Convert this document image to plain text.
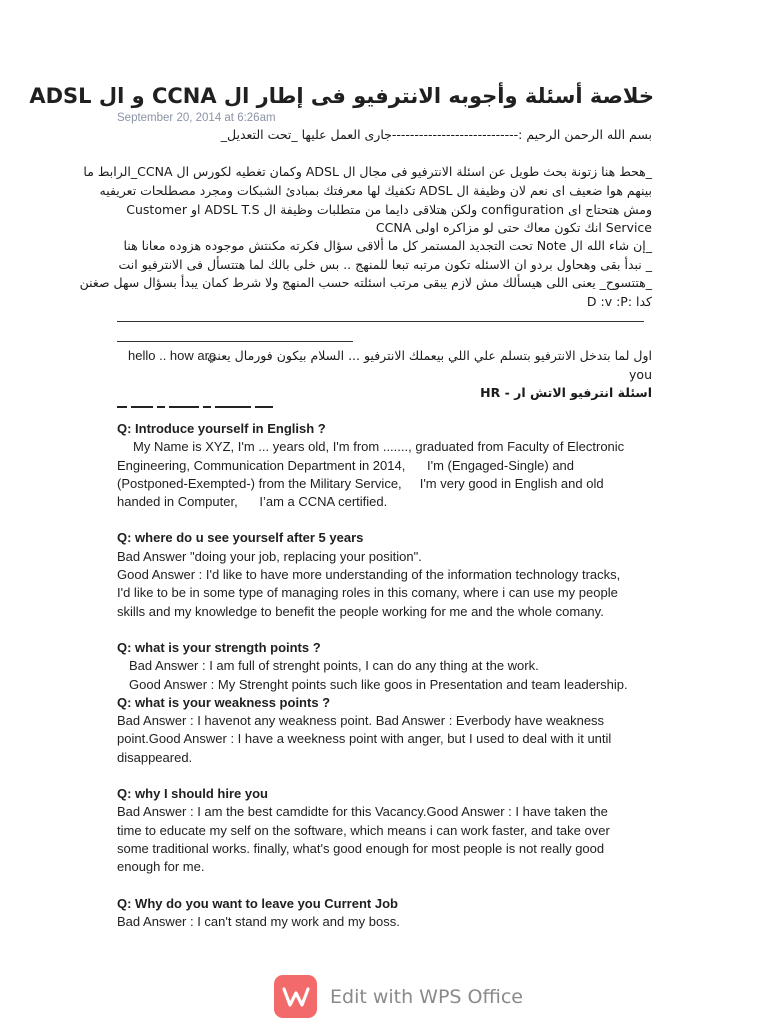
خلاصة أسئلة وأجوبه الانترفيو فى إطار ال CCNA و ال ADSL
September 20, 2014 at 6:26am
بسم الله الرحمن الرحيم :----------------------------جارى العمل عليها _تحت التعديل_
_هحط هنا زتونة بحث طويل عن اسئلة الانترفيو فى مجال ال ADSL وكمان تغطيه لكورس ال CCNA_الرابط ما
بينهم هوا ضعيف اى نعم لان وظيفة ال ADSL تكفيك لها معرفتك بمبادئ الشبكات ومجرد مصطلحات تعريفيه
ومش هتحتاج اى configuration ولكن هتلاقى دايما من متطلبات وظيفة ال ADSL T.S او Customer
Service انك تكون معاك حتى لو مزاكره اولى CCNA
_إن شاء الله ال Note تحت التجديد المستمر كل ما ألاقى سؤال فكرته مكنتش موجوده هزوده معانا هنا
_ نبدأ بقى وهحاول بردو ان الاسئله تكون مرتبه تبعا للمنهج .. بس خلى بالك لما هتتسأل فى الانترفيو انت
_هتتسوح_ يعنى اللى هيسألك مش لازم يبقى مرتب اسئلته حسب المنهج ولا شرط كمان يبدأ بسؤال سهل صغنن
كدا :D :v :P
اول لما بتدخل الانترفيو بتسلم علي اللي بيعملك الانترفيو ... السلام بيكون فورمال يعني
hello .. how are
you
اسئلة انترفيو الاتش ار - HR

Q: Introduce yourself in English ?

My Name is XYZ, I'm ... years old, I'm from ......., graduated from Faculty of Electronic

Engineering, Communication Department in 2014,      I'm (Engaged-Single) and

(Postponed-Exempted-) from the Military Service,     I'm very good in English and old

handed in Computer,      I’am a CCNA certified.

Q: where do u see yourself after 5 years

Bad Answer "doing your job, replacing your position".

Good Answer : I'd like to have more understanding of the information technology tracks,

I'd like to be in some type of managing roles in this comany, where i can use my people

skills and my knowledge to benefit the people working for me and the whole comany.

Q: what is your strength points ?

Bad Answer : I am full of strenght points, I can do any thing at the work.

Good Answer : My Strenght points such like goos in Presentation and team leadership.

Q: what is your weakness points ?

Bad Answer : I havenot any weakness point. Bad Answer : Everbody have weakness

point.Good Answer : I have a weekness point with anger, but I used to deal with it until

disappeared.

Q: why I should hire you

Bad Answer : I am the best camdidte for this Vacancy.Good Answer : I have taken the

time to educate my self on the software, which means i can work faster, and take over

some traditional works. finally, what's good enough for most people is not really good

enough for me.

Q: Why do you want to leave you Current Job

Bad Answer : I can't stand my work and my boss.

Edit with WPS Office
